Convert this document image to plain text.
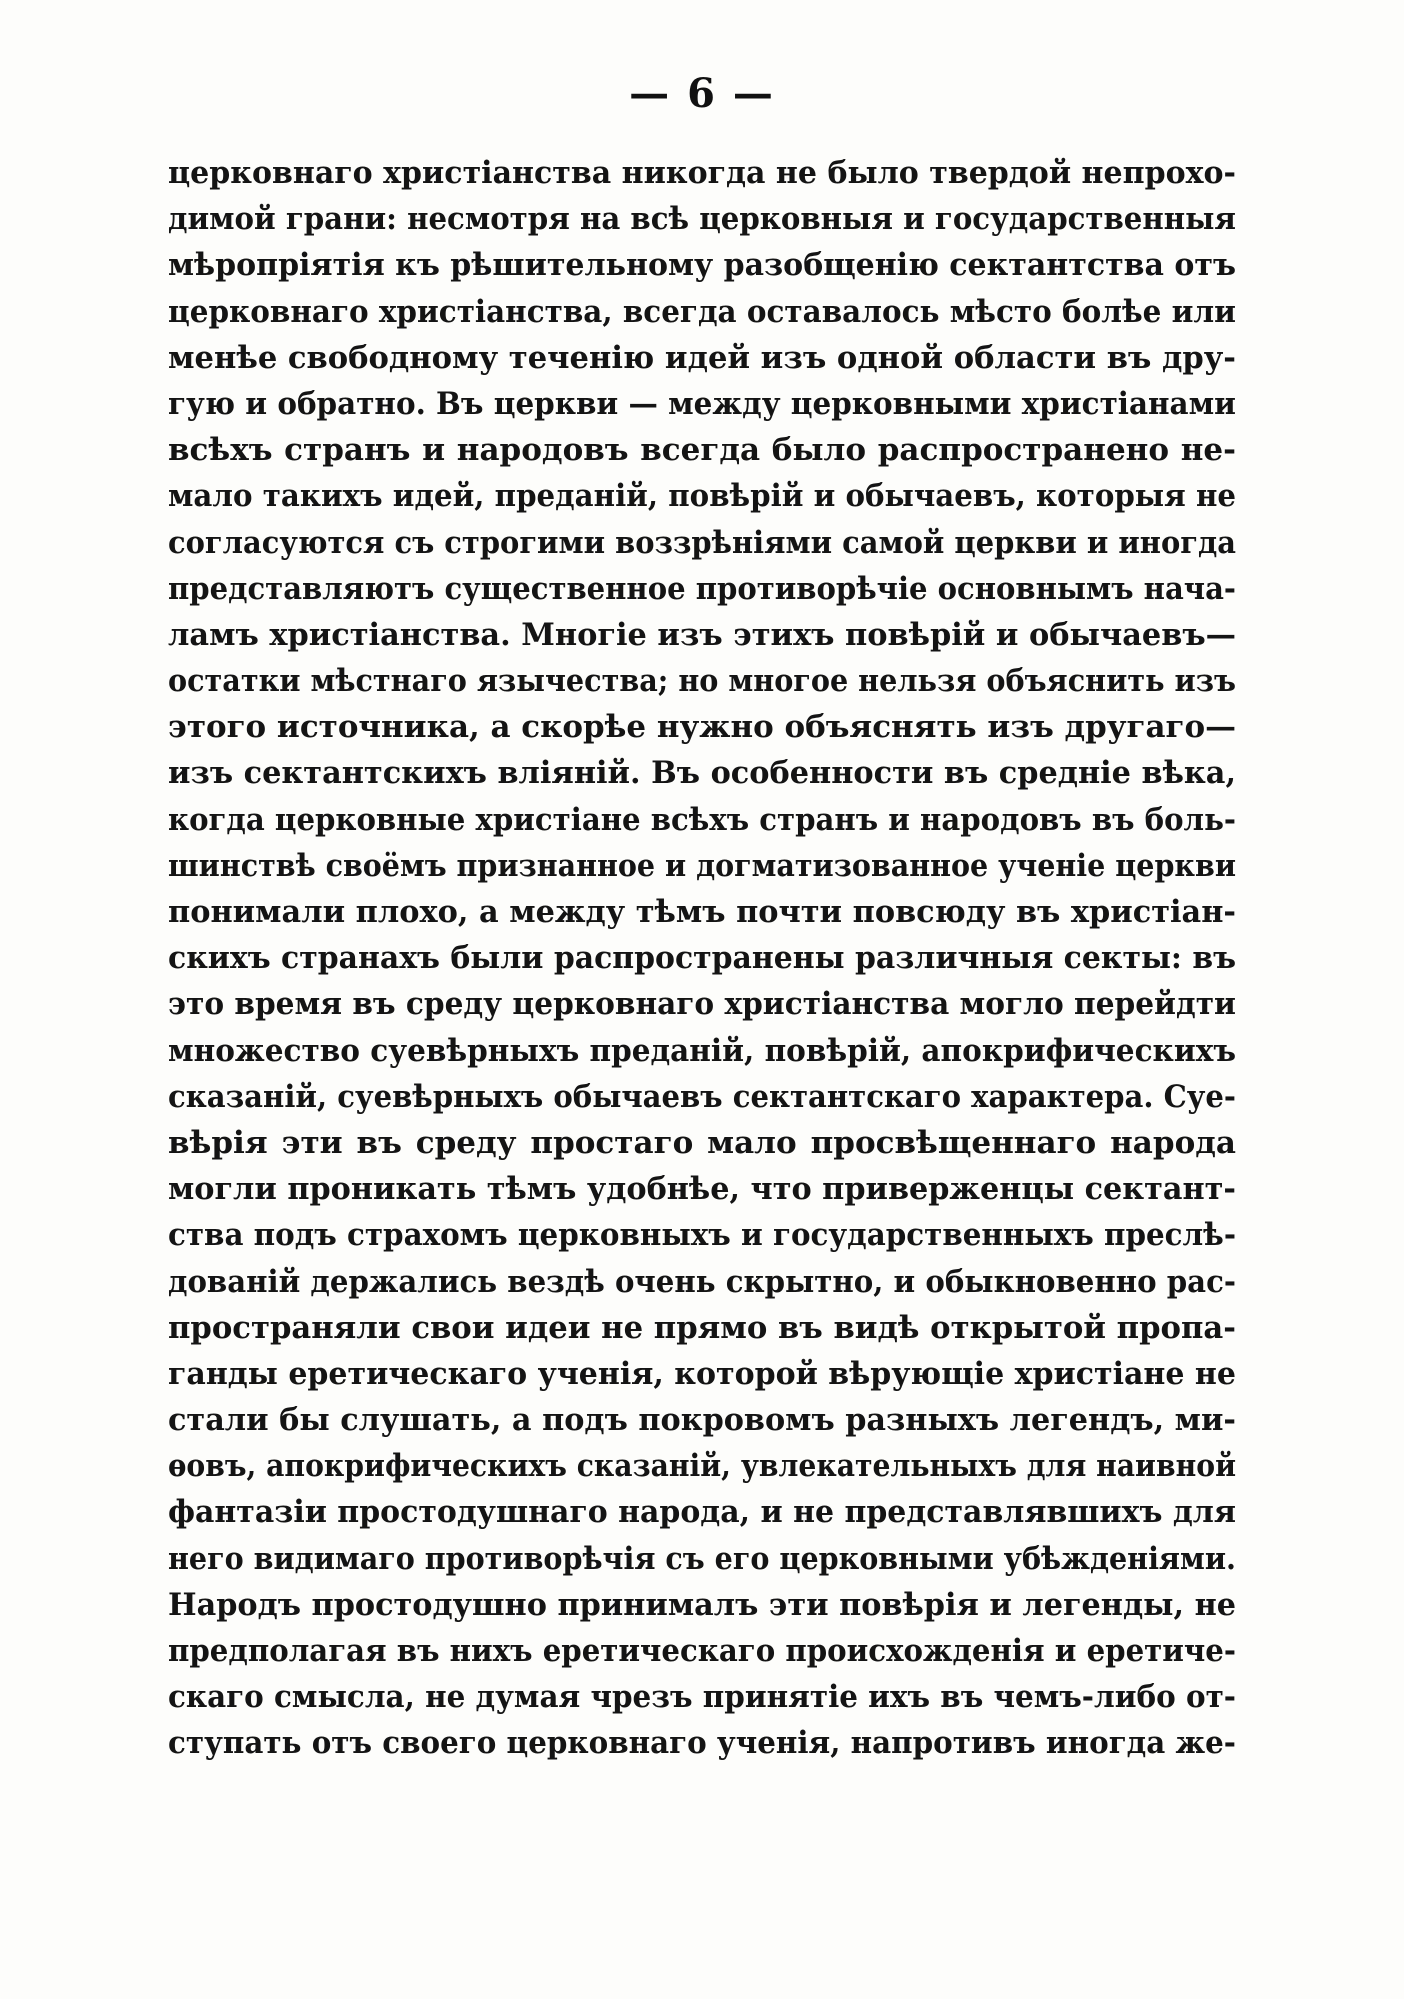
— 6 —
церковнаго христіанства никогда не было твердой непрохо-
димой грани: несмотря на всѣ церковныя и государственныя
мѣропріятія къ рѣшительному разобщенію сектантства отъ
церковнаго христіанства, всегда оставалось мѣсто болѣе или
менѣе свободному теченію идей изъ одной области въ дру-
гую и обратно. Въ церкви — между церковными христіанами
всѣхъ странъ и народовъ всегда было распространено не-
мало такихъ идей, преданій, повѣрій и обычаевъ, которыя не
согласуются съ строгими воззрѣніями самой церкви и иногда
представляютъ существенное противорѣчіе основнымъ нача-
ламъ христіанства. Многіе изъ этихъ повѣрій и обычаевъ—
остатки мѣстнаго язычества; но многое нельзя объяснить изъ
этого источника, а скорѣе нужно объяснять изъ другаго—
изъ сектантскихъ вліяній. Въ особенности въ средніе вѣка,
когда церковные христіане всѣхъ странъ и народовъ въ боль-
шинствѣ своёмъ признанное и догматизованное ученіе церкви
понимали плохо, а между тѣмъ почти повсюду въ христіан-
скихъ странахъ были распространены различныя секты: въ
это время въ среду церковнаго христіанства могло перейдти
множество суевѣрныхъ преданій, повѣрій, апокрифическихъ
сказаній, суевѣрныхъ обычаевъ сектантскаго характера. Суе-
вѣрія эти въ среду простаго мало просвѣщеннаго народа
могли проникать тѣмъ удобнѣе, что приверженцы сектант-
ства подъ страхомъ церковныхъ и государственныхъ преслѣ-
дованій держались вездѣ очень скрытно, и обыкновенно рас-
пространяли свои идеи не прямо въ видѣ открытой пропа-
ганды еретическаго ученія, которой вѣрующіе христіане не
стали бы слушать, а подъ покровомъ разныхъ легендъ, ми-
ѳовъ, апокрифическихъ сказаній, увлекательныхъ для наивной
фантазіи простодушнаго народа, и не представлявшихъ для
него видимаго противорѣчія съ его церковными убѣжденіями.
Народъ простодушно принималъ эти повѣрія и легенды, не
предполагая въ нихъ еретическаго происхожденія и еретиче-
скаго смысла, не думая чрезъ принятіе ихъ въ чемъ-либо от-
ступать отъ своего церковнаго ученія, напротивъ иногда же-
